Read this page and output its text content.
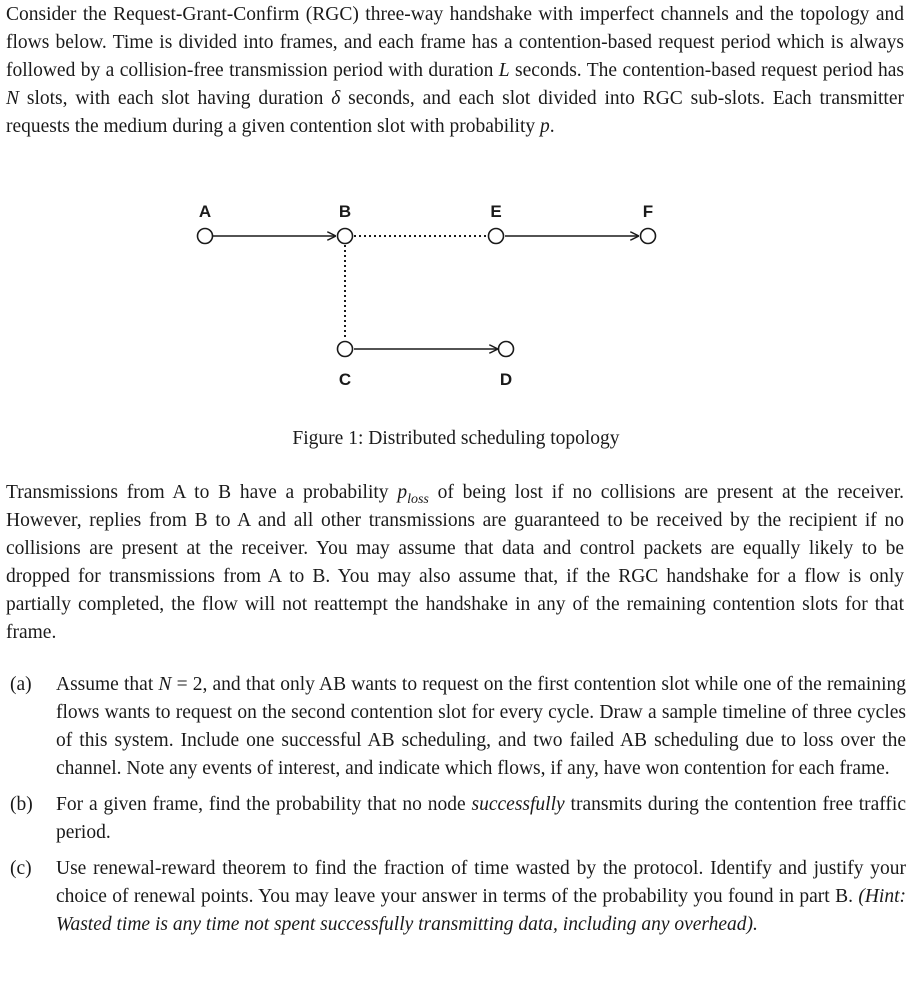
Consider the Request-Grant-Confirm (RGC) three-way handshake with imperfect channels and the topology and flows below. Time is divided into frames, and each frame has a contention-based request period which is always followed by a collision-free transmission period with duration L seconds. The contention-based request period has N slots, with each slot having duration δ seconds, and each slot divided into RGC sub-slots. Each transmitter requests the medium during a given contention slot with probability p.

A	B	E	F
C	D

Figure 1: Distributed scheduling topology

Transmissions from A to B have a probability $p_{loss}$ of being lost if no collisions are present at the receiver. However, replies from B to A and all other transmissions are guaranteed to be received by the recipient if no collisions are present at the receiver. You may assume that data and control packets are equally likely to be dropped for transmissions from A to B. You may also assume that, if the RGC handshake for a flow is only partially completed, the flow will not reattempt the handshake in any of the remaining contention slots for that frame.

(a)	Assume that N = 2, and that only AB wants to request on the first contention slot while one of the remaining flows wants to request on the second contention slot for every cycle. Draw a sample timeline of three cycles of this system. Include one successful AB scheduling, and two failed AB scheduling due to loss over the channel. Note any events of interest, and indicate which flows, if any, have won contention for each frame.

(b)	For a given frame, find the probability that no node successfully transmits during the contention free traffic period.

(c)	Use renewal-reward theorem to find the fraction of time wasted by the protocol. Identify and justify your choice of renewal points. You may leave your answer in terms of the probability you found in part B. (Hint: Wasted time is any time not spent successfully transmitting data, including any overhead).
